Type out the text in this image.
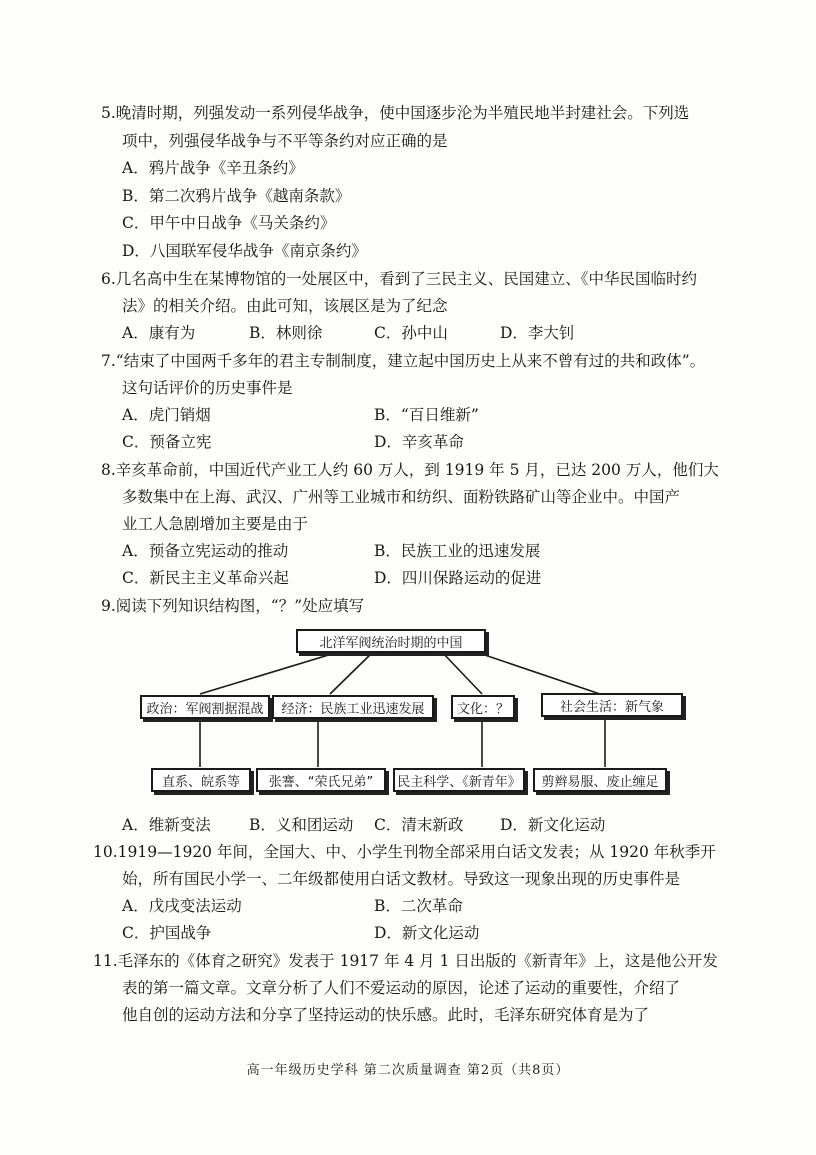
5.晚清时期，列强发动一系列侵华战争，使中国逐步沦为半殖民地半封建社会。下列选
项中，列强侵华战争与不平等条约对应正确的是
A．鸦片战争《辛丑条约》
B．第二次鸦片战争《越南条款》
C．甲午中日战争《马关条约》
D．八国联军侵华战争《南京条约》
6.几名高中生在某博物馆的一处展区中，看到了三民主义、民国建立、《中华民国临时约
法》的相关介绍。由此可知，该展区是为了纪念
A．康有为	B．林则徐	C．孙中山	D．李大钊
7.“结束了中国两千多年的君主专制制度，建立起中国历史上从来不曾有过的共和政体”。
这句话评价的历史事件是
A．虎门销烟	B．“百日维新”
C．预备立宪	D．辛亥革命
8.辛亥革命前，中国近代产业工人约 60 万人，到 1919 年 5 月，已达 200 万人，他们大
多数集中在上海、武汉、广州等工业城市和纺织、面粉铁路矿山等企业中。中国产
业工人急剧增加主要是由于
A．预备立宪运动的推动	B．民族工业的迅速发展
C．新民主主义革命兴起	D．四川保路运动的促进
9.阅读下列知识结构图，“？”处应填写
北洋军阀统治时期的中国
政治：军阀割据混战	经济：民族工业迅速发展	文化：？	社会生活：新气象
直系、皖系等	张謇、“荣氏兄弟”	民主科学、《新青年》	剪辫易服、废止缠足
A．维新变法 B．义和团运动 C．清末新政 D．新文化运动
10.1919—1920 年间，全国大、中、小学生刊物全部采用白话文发表；从 1920 年秋季开
始，所有国民小学一、二年级都使用白话文教材。导致这一现象出现的历史事件是
A．戊戌变法运动	B．二次革命
C．护国战争	D．新文化运动
11.毛泽东的《体育之研究》发表于 1917 年 4 月 1 日出版的《新青年》上，这是他公开发
表的第一篇文章。文章分析了人们不爱运动的原因，论述了运动的重要性，介绍了
他自创的运动方法和分享了坚持运动的快乐感。此时，毛泽东研究体育是为了
高一年级历史学科 第二次质量调查 第2页（共8页）
